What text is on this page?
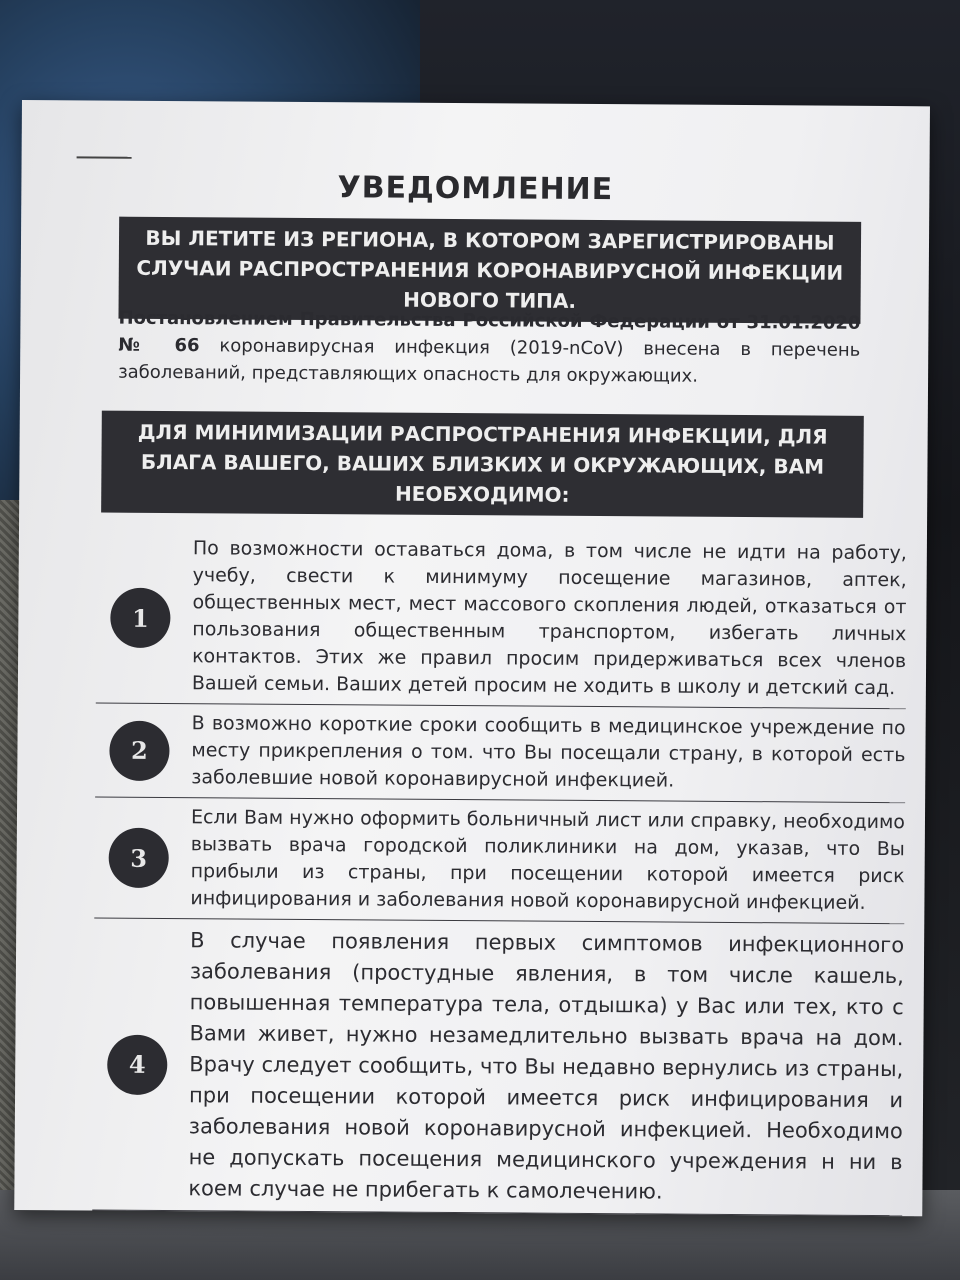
УВЕДОМЛЕНИЕ
ВЫ ЛЕТИТЕ ИЗ РЕГИОНА, В КОТОРОМ ЗАРЕГИСТРИРОВАНЫ СЛУЧАИ РАСПРОСТРАНЕНИЯ КОРОНАВИРУСНОЙ ИНФЕКЦИИ НОВОГО ТИПА.
Постановлением Правительства Российской Федерации от 31.01.2020 № 66 коронавирусная инфекция (2019-nCoV) внесена в перечень заболеваний, представляющих опасность для окружающих.
ДЛЯ МИНИМИЗАЦИИ РАСПРОСТРАНЕНИЯ ИНФЕКЦИИ, ДЛЯ БЛАГА ВАШЕГО, ВАШИХ БЛИЗКИХ И ОКРУЖАЮЩИХ, ВАМ НЕОБХОДИМО:
1
По возможности оставаться дома, в том числе не идти на работу, учебу, свести к минимуму посещение магазинов, аптек, общественных мест, мест массового скопления людей, отказаться от пользования общественным транспортом, избегать личных контактов. Этих же правил просим придерживаться всех членов Вашей семьи. Ваших детей просим не ходить в школу и детский сад.
2
В возможно короткие сроки сообщить в медицинское учреждение по месту прикрепления о том. что Вы посещали страну, в которой есть заболевшие новой коронавирусной инфекцией.
3
Если Вам нужно оформить больничный лист или справку, необходимо вызвать врача городской поликлиники на дом, указав, что Вы прибыли из страны, при посещении которой имеется риск инфицирования и заболевания новой коронавирусной инфекцией.
4
В случае появления первых симптомов инфекционного заболевания (простудные явления, в том числе кашель, повышенная температура тела, отдышка) у Вас или тех, кто с Вами живет, нужно незамедлительно вызвать врача на дом. Врачу следует сообщить, что Вы недавно вернулись из страны, при посещении которой имеется риск инфицирования и заболевания новой коронавирусной инфекцией. Необходимо не допускать посещения медицинского учреждения н ни в коем случае не прибегать к самолечению.
